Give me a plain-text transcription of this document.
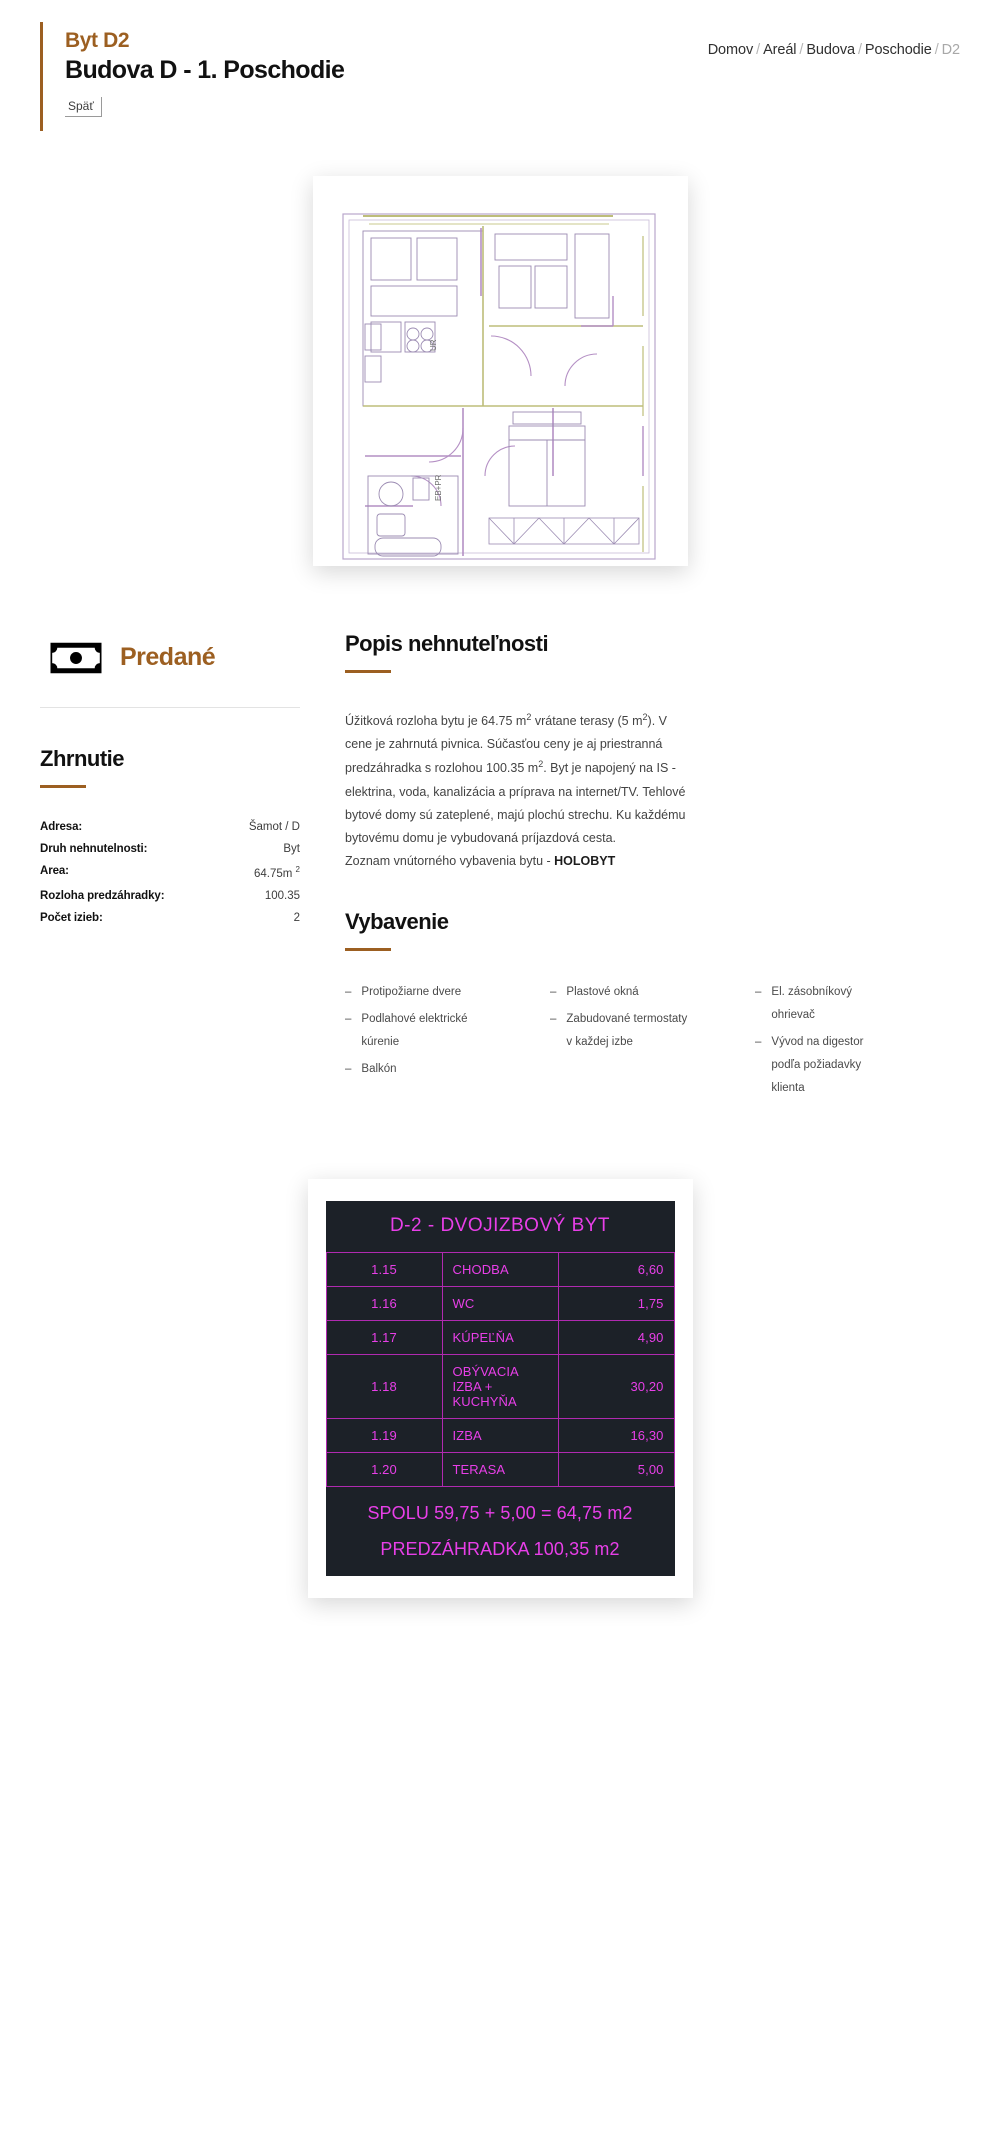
Byt D2
Budova D - 1. Poschodie
Späť
Domov / Areál / Budova / Poschodie / D2
UR
EB+PR
Predané
Zhrnutie
Adresa:	Šamot / D
Druh nehnutelnosti:	Byt
Area:	64.75m $^2$
Rozloha predzáhradky:	100.35
Počet izieb:	2
Popis nehnuteľnosti

Úžitková rozloha bytu je 64.75 $m^2$ vrátane terasy (5 $m^2$). V cene je zahrnutá pivnica. Súčasťou ceny je aj priestranná predzáhradka s rozlohou 100.35 $m^2$. Byt je napojený na IS - elektrina, voda, kanalizácia a príprava na internet/TV. Tehlové bytové domy sú zateplené, majú plochú strechu. Ku každému bytovému domu je vybudovaná príjazdová cesta.
Zoznam vnútorného vybavenia bytu - HOLOBYT

Vybavenie
– Protipožiarne dvere
– Podlahové elektrické kúrenie
– Balkón
– Plastové okná
– Zabudované termostaty v každej izbe
– El. zásobníkový ohrievač
– Vývod na digestor podľa požiadavky klienta
D-2 - DVOJIZBOVÝ BYT		
1.15	CHODBA	6,60
1.16	WC	1,75
1.17	KÚPEĽŇA	4,90
1.18	OBÝVACIA IZBA + KUCHYŇA	30,20
1.19	IZBA	16,30
1.20	TERASA	5,00
SPOLU 59,75 + 5,00 = 64,75 m2		
PREDZÁHRADKA 100,35 m2		
